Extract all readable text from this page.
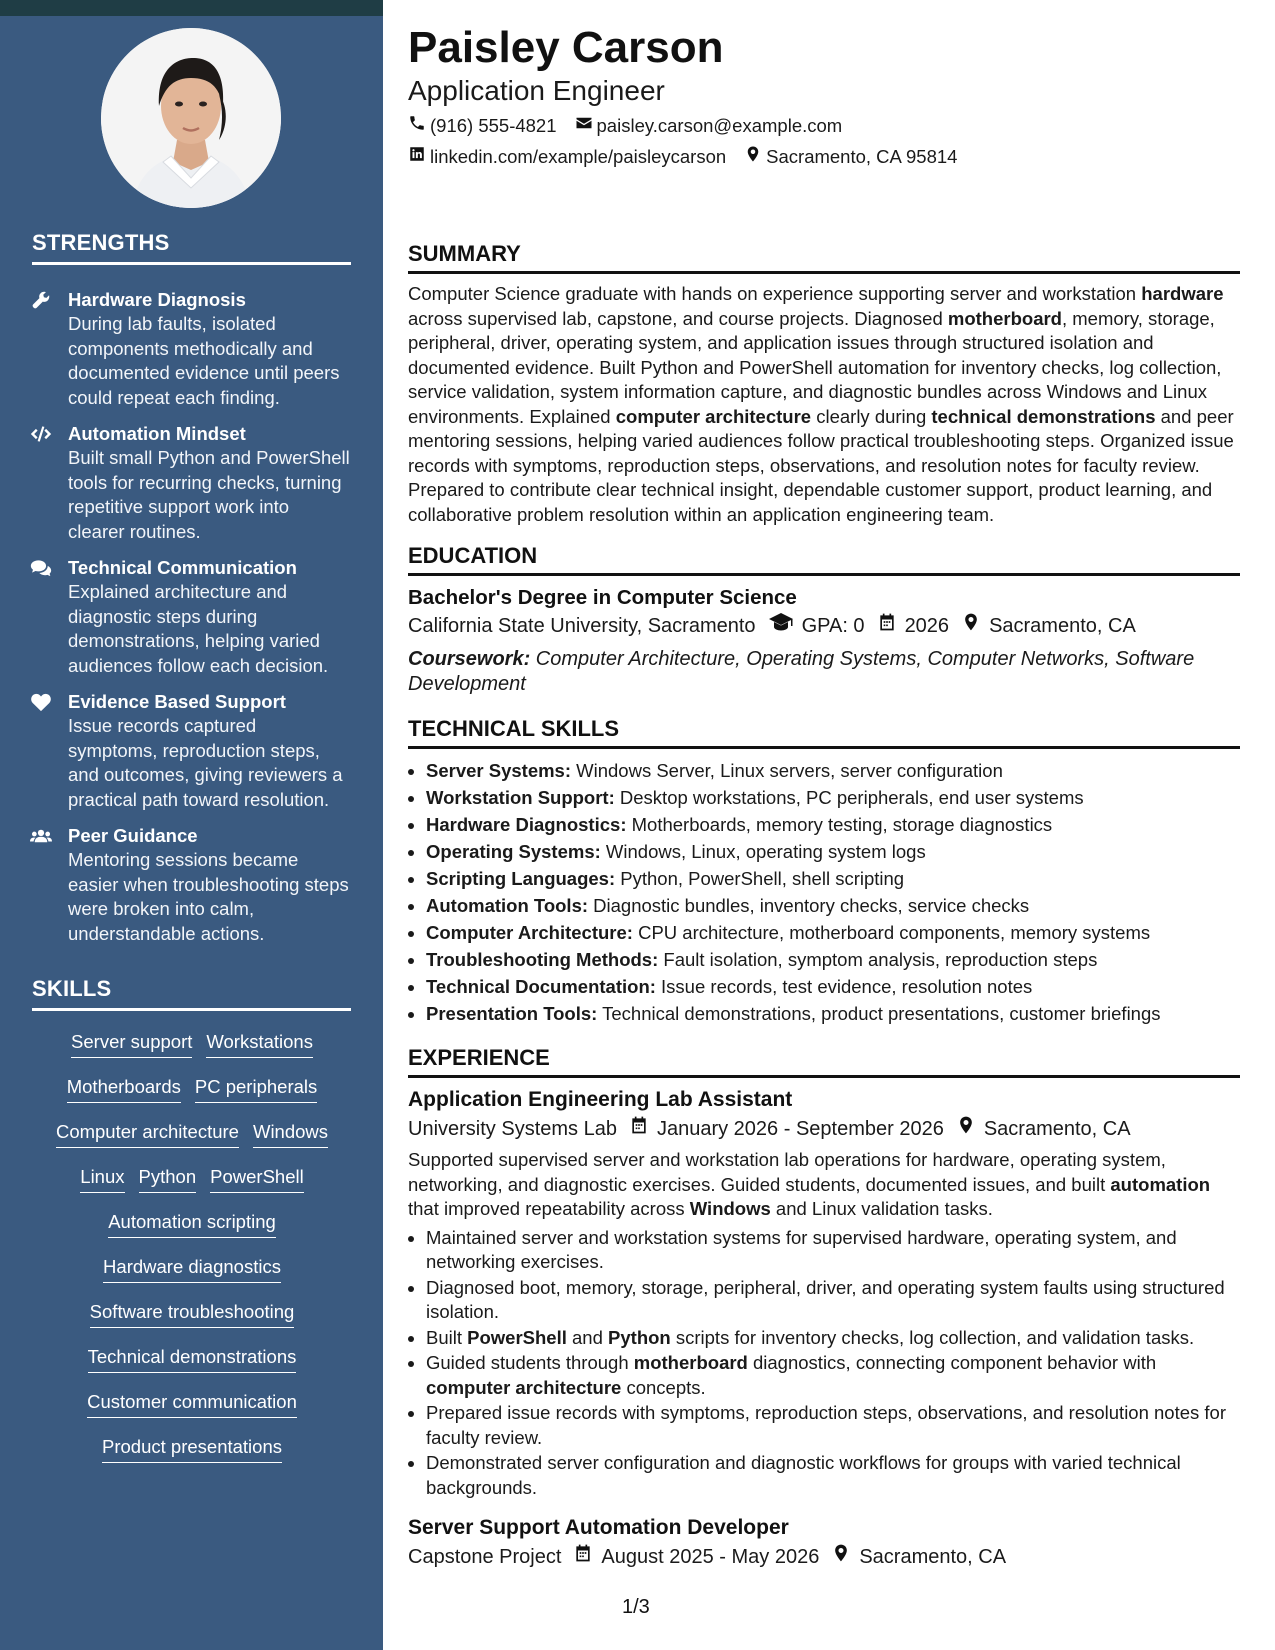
STRENGTHS
Hardware Diagnosis
During lab faults, isolated components methodically and documented evidence until peers could repeat each finding.
Automation Mindset
Built small Python and PowerShell tools for recurring checks, turning repetitive support work into clearer routines.
Technical Communication
Explained architecture and diagnostic steps during demonstrations, helping varied audiences follow each decision.
Evidence Based Support
Issue records captured symptoms, reproduction steps, and outcomes, giving reviewers a practical path toward resolution.
Peer Guidance
Mentoring sessions became easier when troubleshooting steps were broken into calm, understandable actions.
SKILLS
Server support Workstations
Motherboards PC peripherals
Computer architecture Windows
Linux Python PowerShell
Automation scripting
Hardware diagnostics
Software troubleshooting
Technical demonstrations
Customer communication
Product presentations
Paisley Carson
Application Engineer
(916) 555-4821 paisley.carson@example.com
linkedin.com/example/paisleycarson Sacramento, CA 95814
SUMMARY

Computer Science graduate with hands on experience supporting server and workstation hardware across supervised lab, capstone, and course projects. Diagnosed motherboard, memory, storage, peripheral, driver, operating system, and application issues through structured isolation and documented evidence. Built Python and PowerShell automation for inventory checks, log collection, service validation, system information capture, and diagnostic bundles across Windows and Linux environments. Explained computer architecture clearly during technical demonstrations and peer mentoring sessions, helping varied audiences follow practical troubleshooting steps. Organized issue records with symptoms, reproduction steps, observations, and resolution notes for faculty review. Prepared to contribute clear technical insight, dependable customer support, product learning, and collaborative problem resolution within an application engineering team.

EDUCATION
Bachelor's Degree in Computer Science
California State University, Sacramento GPA: 0 2026 Sacramento, CA
Coursework: Computer Architecture, Operating Systems, Computer Networks, Software Development
TECHNICAL SKILLS
• Server Systems: Windows Server, Linux servers, server configuration
• Workstation Support: Desktop workstations, PC peripherals, end user systems
• Hardware Diagnostics: Motherboards, memory testing, storage diagnostics
• Operating Systems: Windows, Linux, operating system logs
• Scripting Languages: Python, PowerShell, shell scripting
• Automation Tools: Diagnostic bundles, inventory checks, service checks
• Computer Architecture: CPU architecture, motherboard components, memory systems
• Troubleshooting Methods: Fault isolation, symptom analysis, reproduction steps
• Technical Documentation: Issue records, test evidence, resolution notes
• Presentation Tools: Technical demonstrations, product presentations, customer briefings
EXPERIENCE
Application Engineering Lab Assistant
University Systems Lab January 2026 - September 2026 Sacramento, CA

Supported supervised server and workstation lab operations for hardware, operating system, networking, and diagnostic exercises. Guided students, documented issues, and built automation that improved repeatability across Windows and Linux validation tasks.

• Maintained server and workstation systems for supervised hardware, operating system, and networking exercises.
• Diagnosed boot, memory, storage, peripheral, driver, and operating system faults using structured isolation.
• Built PowerShell and Python scripts for inventory checks, log collection, and validation tasks.
• Guided students through motherboard diagnostics, connecting component behavior with computer architecture concepts.
• Prepared issue records with symptoms, reproduction steps, observations, and resolution notes for faculty review.
• Demonstrated server configuration and diagnostic workflows for groups with varied technical backgrounds.
Server Support Automation Developer
Capstone Project August 2025 - May 2026 Sacramento, CA
1/3
